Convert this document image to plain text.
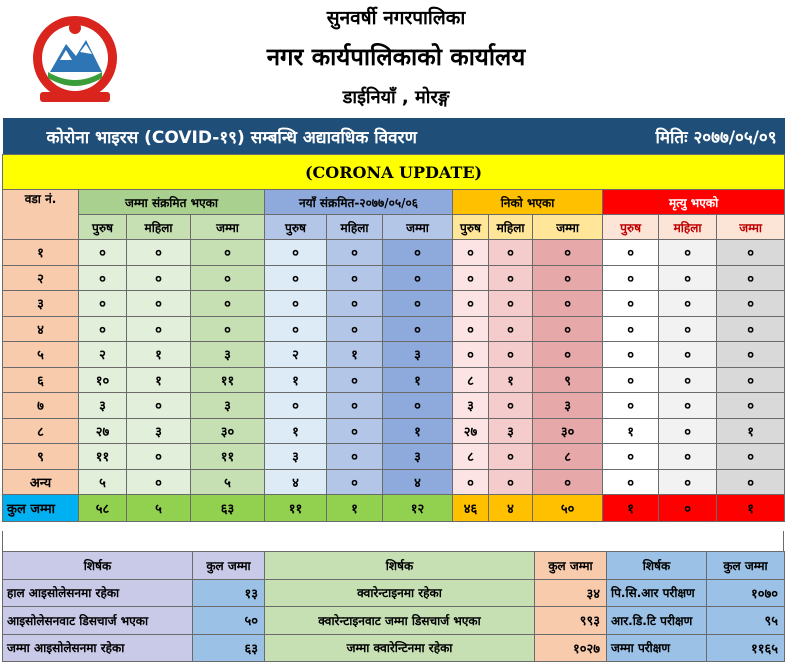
सुनवर्षी नगरपालिका
नगर कार्यपालिकाको कार्यालय
डाईनियाँ , मोरङ्ग
कोरोना भाइरस (COVID-१९) सम्बन्धि अद्यावधिक विवरण									मितिः २०७७/०५/०९			
(CORONA UPDATE)												
वडा नं.	जम्मा संक्रमित भएका			नयाँ संक्रमित-२०७७/०५/०६			निको भएका			मृत्यु भएको		
	पुरुष	महिला	जम्मा	पुरुष	महिला	जम्मा	पुरुष	महिला	जम्मा	पुरुष	महिला	जम्मा
१	०	०	०	०	०	०	०	०	०	०	०	०
२	०	०	०	०	०	०	०	०	०	०	०	०
३	०	०	०	०	०	०	०	०	०	०	०	०
४	०	०	०	०	०	०	०	०	०	०	०	०
५	२	१	३	२	१	३	०	०	०	०	०	०
६	१०	१	११	१	०	१	८	१	९	०	०	०
७	३	०	३	०	०	०	३	०	३	०	०	०
८	२७	३	३०	१	०	१	२७	३	३०	१	०	१
९	११	०	११	३	०	३	८	०	८	०	०	०
अन्य	५	०	५	४	०	४	०	०	०	०	०	०
कुल जम्मा	५८	५	६३	११	१	१२	४६	४	५०	१	०	१
शिर्षक	कुल जम्मा	शिर्षक	कुल जम्मा	शिर्षक	कुल जम्मा
हाल आइसोलेसनमा रहेका	१३	क्वारेन्टाइनमा रहेका	३४	पि.सि.आर परीक्षण	१०७०
आइसोलेसनवाट डिसचार्ज भएका	५०	क्वारेन्टाइनवाट जम्मा डिसचार्ज भएका	९९३	आर.डि.टि परीक्षण	९५
जम्मा आइसोलेसनमा रहेका	६३	जम्मा क्वारेन्टिनमा रहेका	१०२७	जम्मा परीक्षण	११६५
